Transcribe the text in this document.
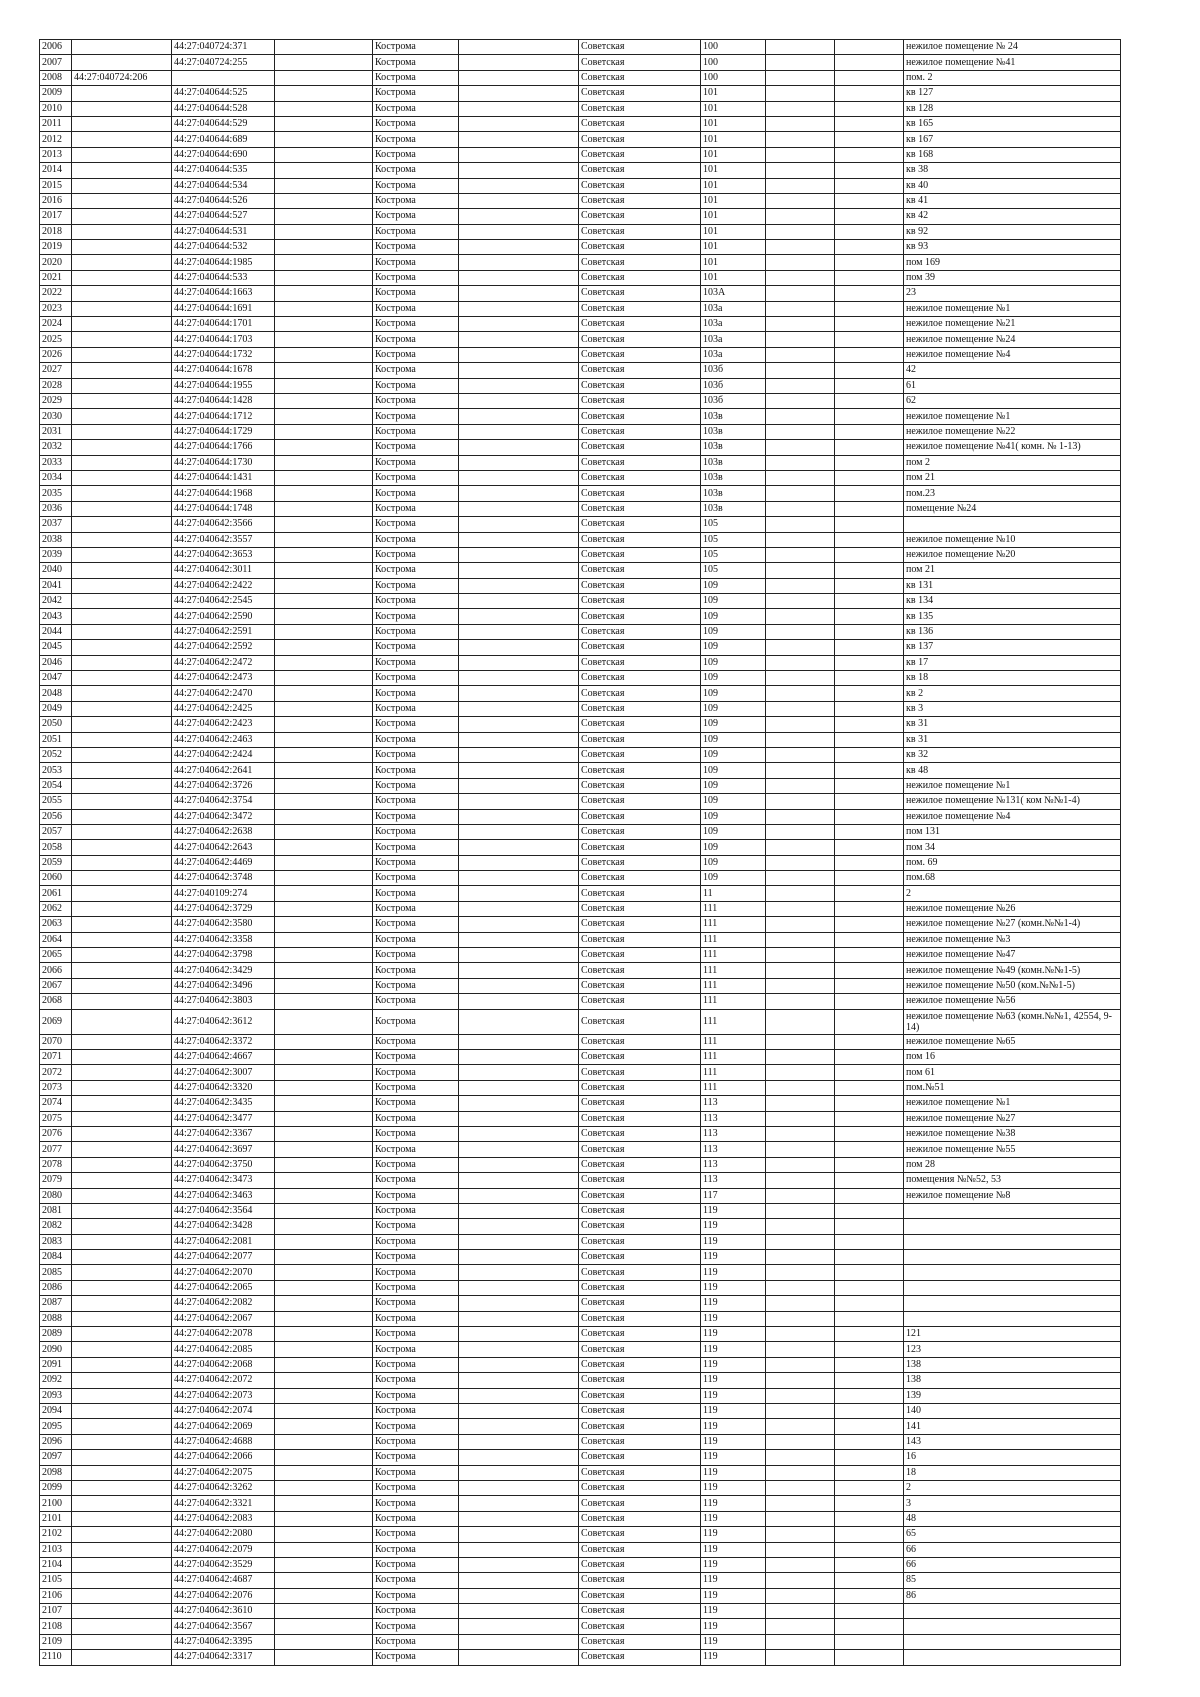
2006		44:27:040724:371		Кострома		Советская	100			нежилое помещение № 24
2007		44:27:040724:255		Кострома		Советская	100			нежилое помещение №41
2008	44:27:040724:206			Кострома		Советская	100			пом. 2
2009		44:27:040644:525		Кострома		Советская	101			кв 127
2010		44:27:040644:528		Кострома		Советская	101			кв 128
2011		44:27:040644:529		Кострома		Советская	101			кв 165
2012		44:27:040644:689		Кострома		Советская	101			кв 167
2013		44:27:040644:690		Кострома		Советская	101			кв 168
2014		44:27:040644:535		Кострома		Советская	101			кв 38
2015		44:27:040644:534		Кострома		Советская	101			кв 40
2016		44:27:040644:526		Кострома		Советская	101			кв 41
2017		44:27:040644:527		Кострома		Советская	101			кв 42
2018		44:27:040644:531		Кострома		Советская	101			кв 92
2019		44:27:040644:532		Кострома		Советская	101			кв 93
2020		44:27:040644:1985		Кострома		Советская	101			пом 169
2021		44:27:040644:533		Кострома		Советская	101			пом 39
2022		44:27:040644:1663		Кострома		Советская	103А			23
2023		44:27:040644:1691		Кострома		Советская	103а			нежилое помещение №1
2024		44:27:040644:1701		Кострома		Советская	103а			нежилое помещение №21
2025		44:27:040644:1703		Кострома		Советская	103а			нежилое помещение №24
2026		44:27:040644:1732		Кострома		Советская	103а			нежилое помещение №4
2027		44:27:040644:1678		Кострома		Советская	103б			42
2028		44:27:040644:1955		Кострома		Советская	103б			61
2029		44:27:040644:1428		Кострома		Советская	103б			62
2030		44:27:040644:1712		Кострома		Советская	103в			нежилое помещение №1
2031		44:27:040644:1729		Кострома		Советская	103в			нежилое помещение №22
2032		44:27:040644:1766		Кострома		Советская	103в			нежилое помещение №41( комн. № 1-13)
2033		44:27:040644:1730		Кострома		Советская	103в			пом 2
2034		44:27:040644:1431		Кострома		Советская	103в			пом 21
2035		44:27:040644:1968		Кострома		Советская	103в			пом.23
2036		44:27:040644:1748		Кострома		Советская	103в			помещение №24
2037		44:27:040642:3566		Кострома		Советская	105			
2038		44:27:040642:3557		Кострома		Советская	105			нежилое помещение №10
2039		44:27:040642:3653		Кострома		Советская	105			нежилое помещение №20
2040		44:27:040642:3011		Кострома		Советская	105			пом 21
2041		44:27:040642:2422		Кострома		Советская	109			кв 131
2042		44:27:040642:2545		Кострома		Советская	109			кв 134
2043		44:27:040642:2590		Кострома		Советская	109			кв 135
2044		44:27:040642:2591		Кострома		Советская	109			кв 136
2045		44:27:040642:2592		Кострома		Советская	109			кв 137
2046		44:27:040642:2472		Кострома		Советская	109			кв 17
2047		44:27:040642:2473		Кострома		Советская	109			кв 18
2048		44:27:040642:2470		Кострома		Советская	109			кв 2
2049		44:27:040642:2425		Кострома		Советская	109			кв 3
2050		44:27:040642:2423		Кострома		Советская	109			кв 31
2051		44:27:040642:2463		Кострома		Советская	109			кв 31
2052		44:27:040642:2424		Кострома		Советская	109			кв 32
2053		44:27:040642:2641		Кострома		Советская	109			кв 48
2054		44:27:040642:3726		Кострома		Советская	109			нежилое помещение №1
2055		44:27:040642:3754		Кострома		Советская	109			нежилое помещение №131( ком №№1-4)
2056		44:27:040642:3472		Кострома		Советская	109			нежилое помещение №4
2057		44:27:040642:2638		Кострома		Советская	109			пом 131
2058		44:27:040642:2643		Кострома		Советская	109			пом 34
2059		44:27:040642:4469		Кострома		Советская	109			пом. 69
2060		44:27:040642:3748		Кострома		Советская	109			пом.68
2061		44:27:040109:274		Кострома		Советская	11			2
2062		44:27:040642:3729		Кострома		Советская	111			нежилое помещение №26
2063		44:27:040642:3580		Кострома		Советская	111			нежилое помещение №27 (комн.№№1-4)
2064		44:27:040642:3358		Кострома		Советская	111			нежилое помещение №3
2065		44:27:040642:3798		Кострома		Советская	111			нежилое помещение №47
2066		44:27:040642:3429		Кострома		Советская	111			нежилое помещение №49 (комн.№№1-5)
2067		44:27:040642:3496		Кострома		Советская	111			нежилое помещение №50 (ком.№№1-5)
2068		44:27:040642:3803		Кострома		Советская	111			нежилое помещение №56
2069		44:27:040642:3612		Кострома		Советская	111			нежилое помещение №63 (комн.№№1, 42554, 9-14)
2070		44:27:040642:3372		Кострома		Советская	111			нежилое помещение №65
2071		44:27:040642:4667		Кострома		Советская	111			пом 16
2072		44:27:040642:3007		Кострома		Советская	111			пом 61
2073		44:27:040642:3320		Кострома		Советская	111			пом.№51
2074		44:27:040642:3435		Кострома		Советская	113			нежилое помещение №1
2075		44:27:040642:3477		Кострома		Советская	113			нежилое помещение №27
2076		44:27:040642:3367		Кострома		Советская	113			нежилое помещение №38
2077		44:27:040642:3697		Кострома		Советская	113			нежилое помещение №55
2078		44:27:040642:3750		Кострома		Советская	113			пом 28
2079		44:27:040642:3473		Кострома		Советская	113			помещения №№52, 53
2080		44:27:040642:3463		Кострома		Советская	117			нежилое помещение №8
2081		44:27:040642:3564		Кострома		Советская	119			
2082		44:27:040642:3428		Кострома		Советская	119			
2083		44:27:040642:2081		Кострома		Советская	119			
2084		44:27:040642:2077		Кострома		Советская	119			
2085		44:27:040642:2070		Кострома		Советская	119			
2086		44:27:040642:2065		Кострома		Советская	119			
2087		44:27:040642:2082		Кострома		Советская	119			
2088		44:27:040642:2067		Кострома		Советская	119			
2089		44:27:040642:2078		Кострома		Советская	119			121
2090		44:27:040642:2085		Кострома		Советская	119			123
2091		44:27:040642:2068		Кострома		Советская	119			138
2092		44:27:040642:2072		Кострома		Советская	119			138
2093		44:27:040642:2073		Кострома		Советская	119			139
2094		44:27:040642:2074		Кострома		Советская	119			140
2095		44:27:040642:2069		Кострома		Советская	119			141
2096		44:27:040642:4688		Кострома		Советская	119			143
2097		44:27:040642:2066		Кострома		Советская	119			16
2098		44:27:040642:2075		Кострома		Советская	119			18
2099		44:27:040642:3262		Кострома		Советская	119			2
2100		44:27:040642:3321		Кострома		Советская	119			3
2101		44:27:040642:2083		Кострома		Советская	119			48
2102		44:27:040642:2080		Кострома		Советская	119			65
2103		44:27:040642:2079		Кострома		Советская	119			66
2104		44:27:040642:3529		Кострома		Советская	119			66
2105		44:27:040642:4687		Кострома		Советская	119			85
2106		44:27:040642:2076		Кострома		Советская	119			86
2107		44:27:040642:3610		Кострома		Советская	119			
2108		44:27:040642:3567		Кострома		Советская	119			
2109		44:27:040642:3395		Кострома		Советская	119			
2110		44:27:040642:3317		Кострома		Советская	119			
